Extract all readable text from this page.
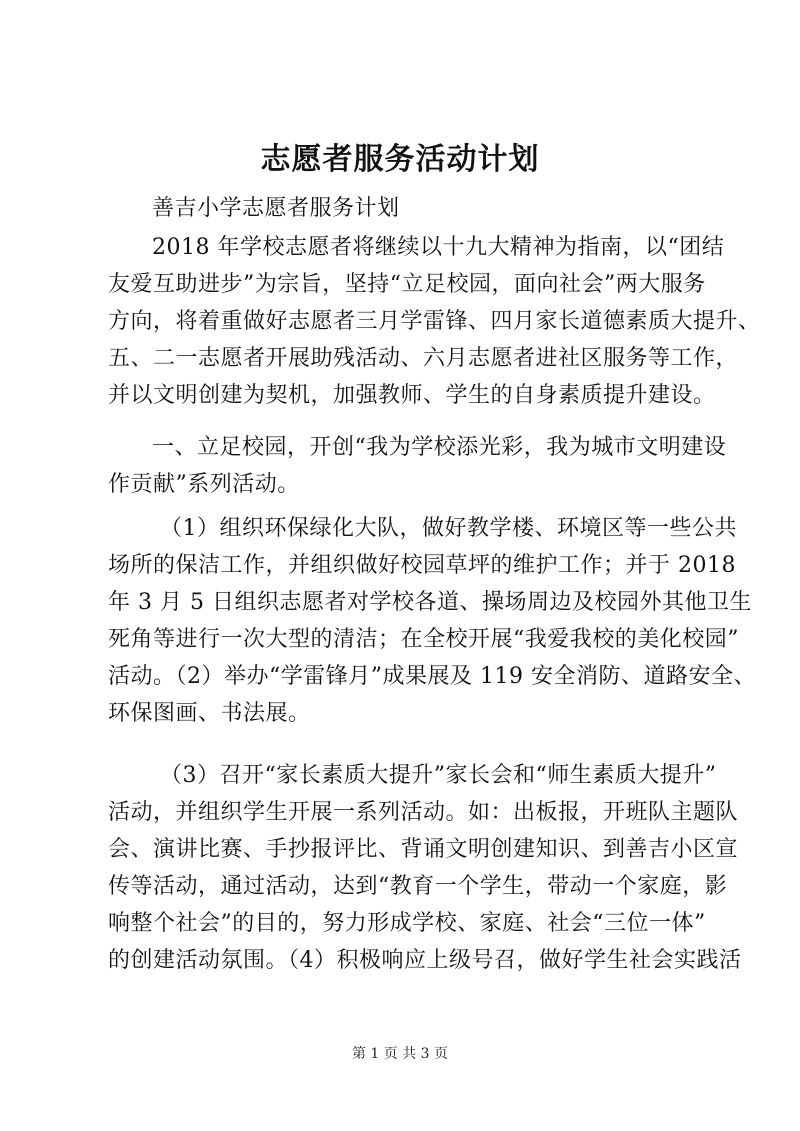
志愿者服务活动计划
善吉小学志愿者服务计划
2018 年学校志愿者将继续以十九大精神为指南，以“团结
友爱互助进步”为宗旨，坚持“立足校园，面向社会”两大服务
方向，将着重做好志愿者三月学雷锋、四月家长道德素质大提升、
五、二一志愿者开展助残活动、六月志愿者进社区服务等工作，
并以文明创建为契机，加强教师、学生的自身素质提升建设。
一、立足校园，开创“我为学校添光彩，我为城市文明建设
作贡献”系列活动。
（1）组织环保绿化大队，做好教学楼、环境区等一些公共
场所的保洁工作，并组织做好校园草坪的维护工作；并于 2018
年 3 月 5 日组织志愿者对学校各道、操场周边及校园外其他卫生
死角等进行一次大型的清洁；在全校开展“我爱我校的美化校园”
活动。（2）举办“学雷锋月”成果展及 119 安全消防、道路安全、
环保图画、书法展。
（3）召开“家长素质大提升”家长会和“师生素质大提升”
活动，并组织学生开展一系列活动。如：出板报，开班队主题队
会、演讲比赛、手抄报评比、背诵文明创建知识、到善吉小区宣
传等活动，通过活动，达到“教育一个学生，带动一个家庭，影
响整个社会”的目的，努力形成学校、家庭、社会“三位一体”
的创建活动氛围。（4）积极响应上级号召，做好学生社会实践活
第 1 页 共 3 页
